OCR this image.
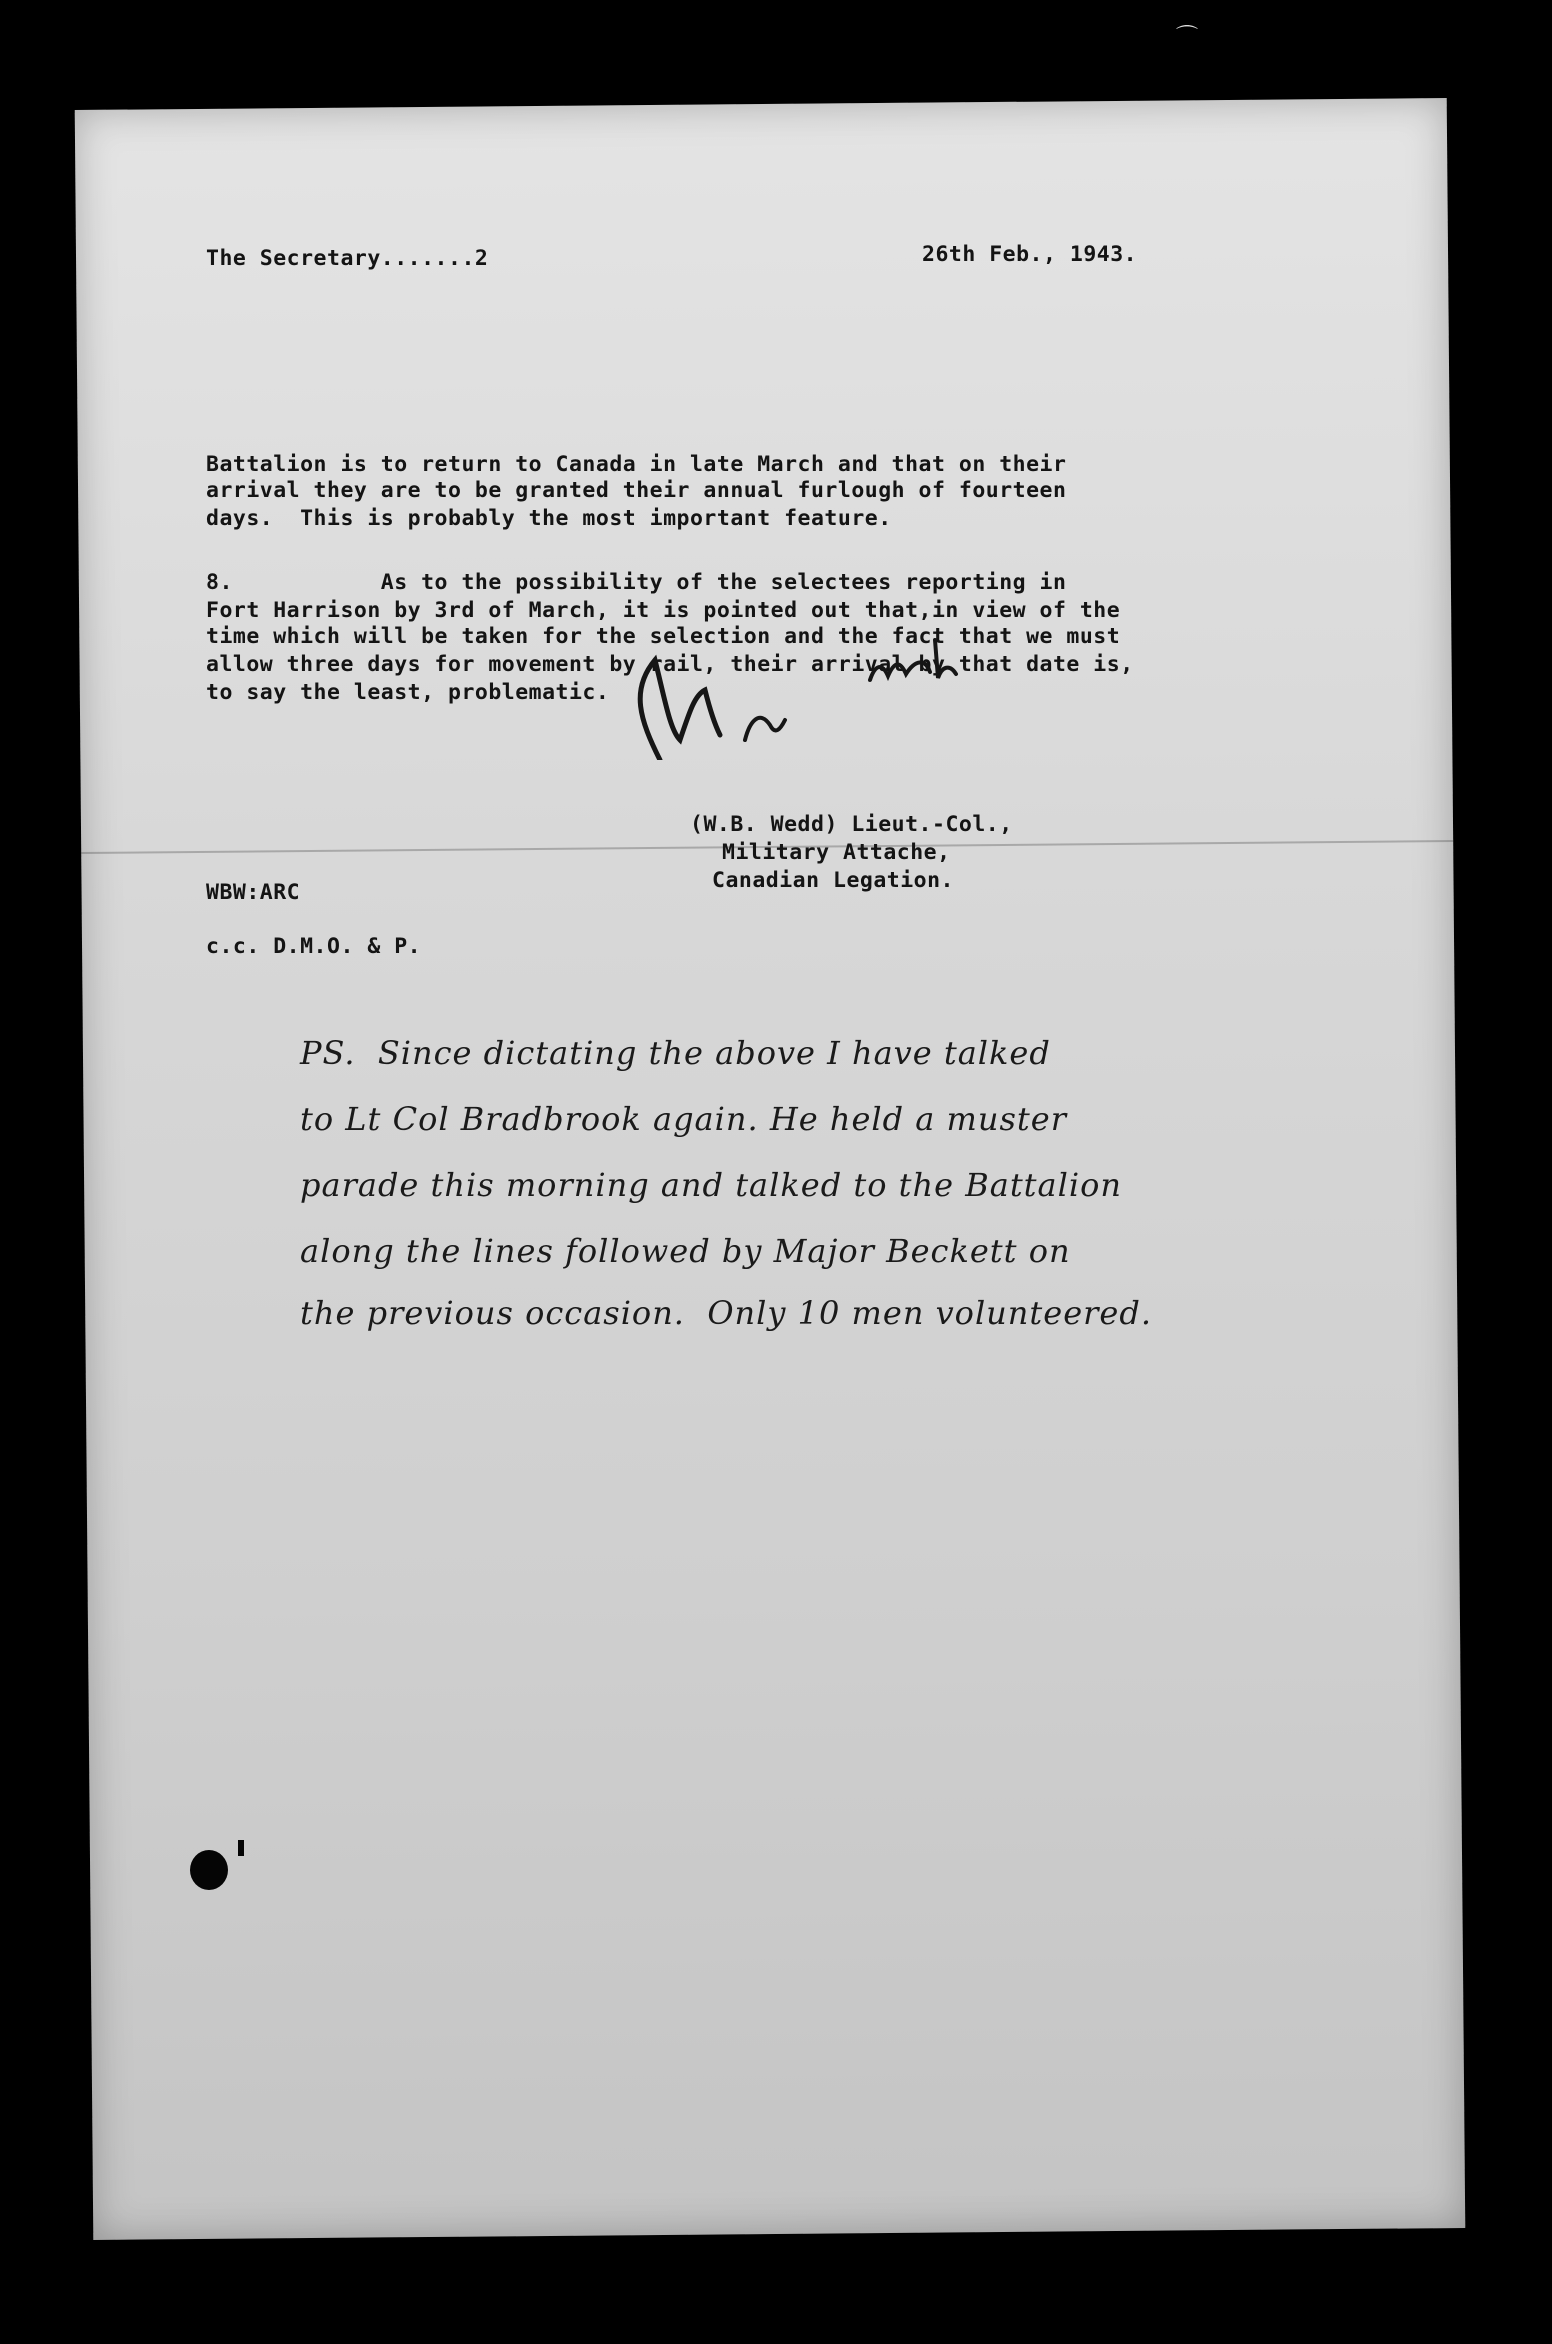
⌒

The Secretary.......2	26th Feb., 1943.

Battalion is to return to Canada in late March and that on their

arrival they are to be granted their annual furlough of fourteen

days.  This is probably the most important feature.

8.           As to the possibility of the selectees reporting in

Fort Harrison by 3rd of March, it is pointed out that,in view of the

time which will be taken for the selection and the fact that we must

allow three days for movement by rail, their arrival by that date is,

to say the least, problematic.

(W.B. Wedd) Lieut.-Col.,

Military Attache,

Canadian Legation.

WBW:ARC

c.c. D.M.O. & P.

PS.  Since dictating the above I have talked

to Lt Col Bradbrook again. He held a muster

parade this morning and talked to the Battalion

along the lines followed by Major Beckett on

the previous occasion.  Only 10 men volunteered.
